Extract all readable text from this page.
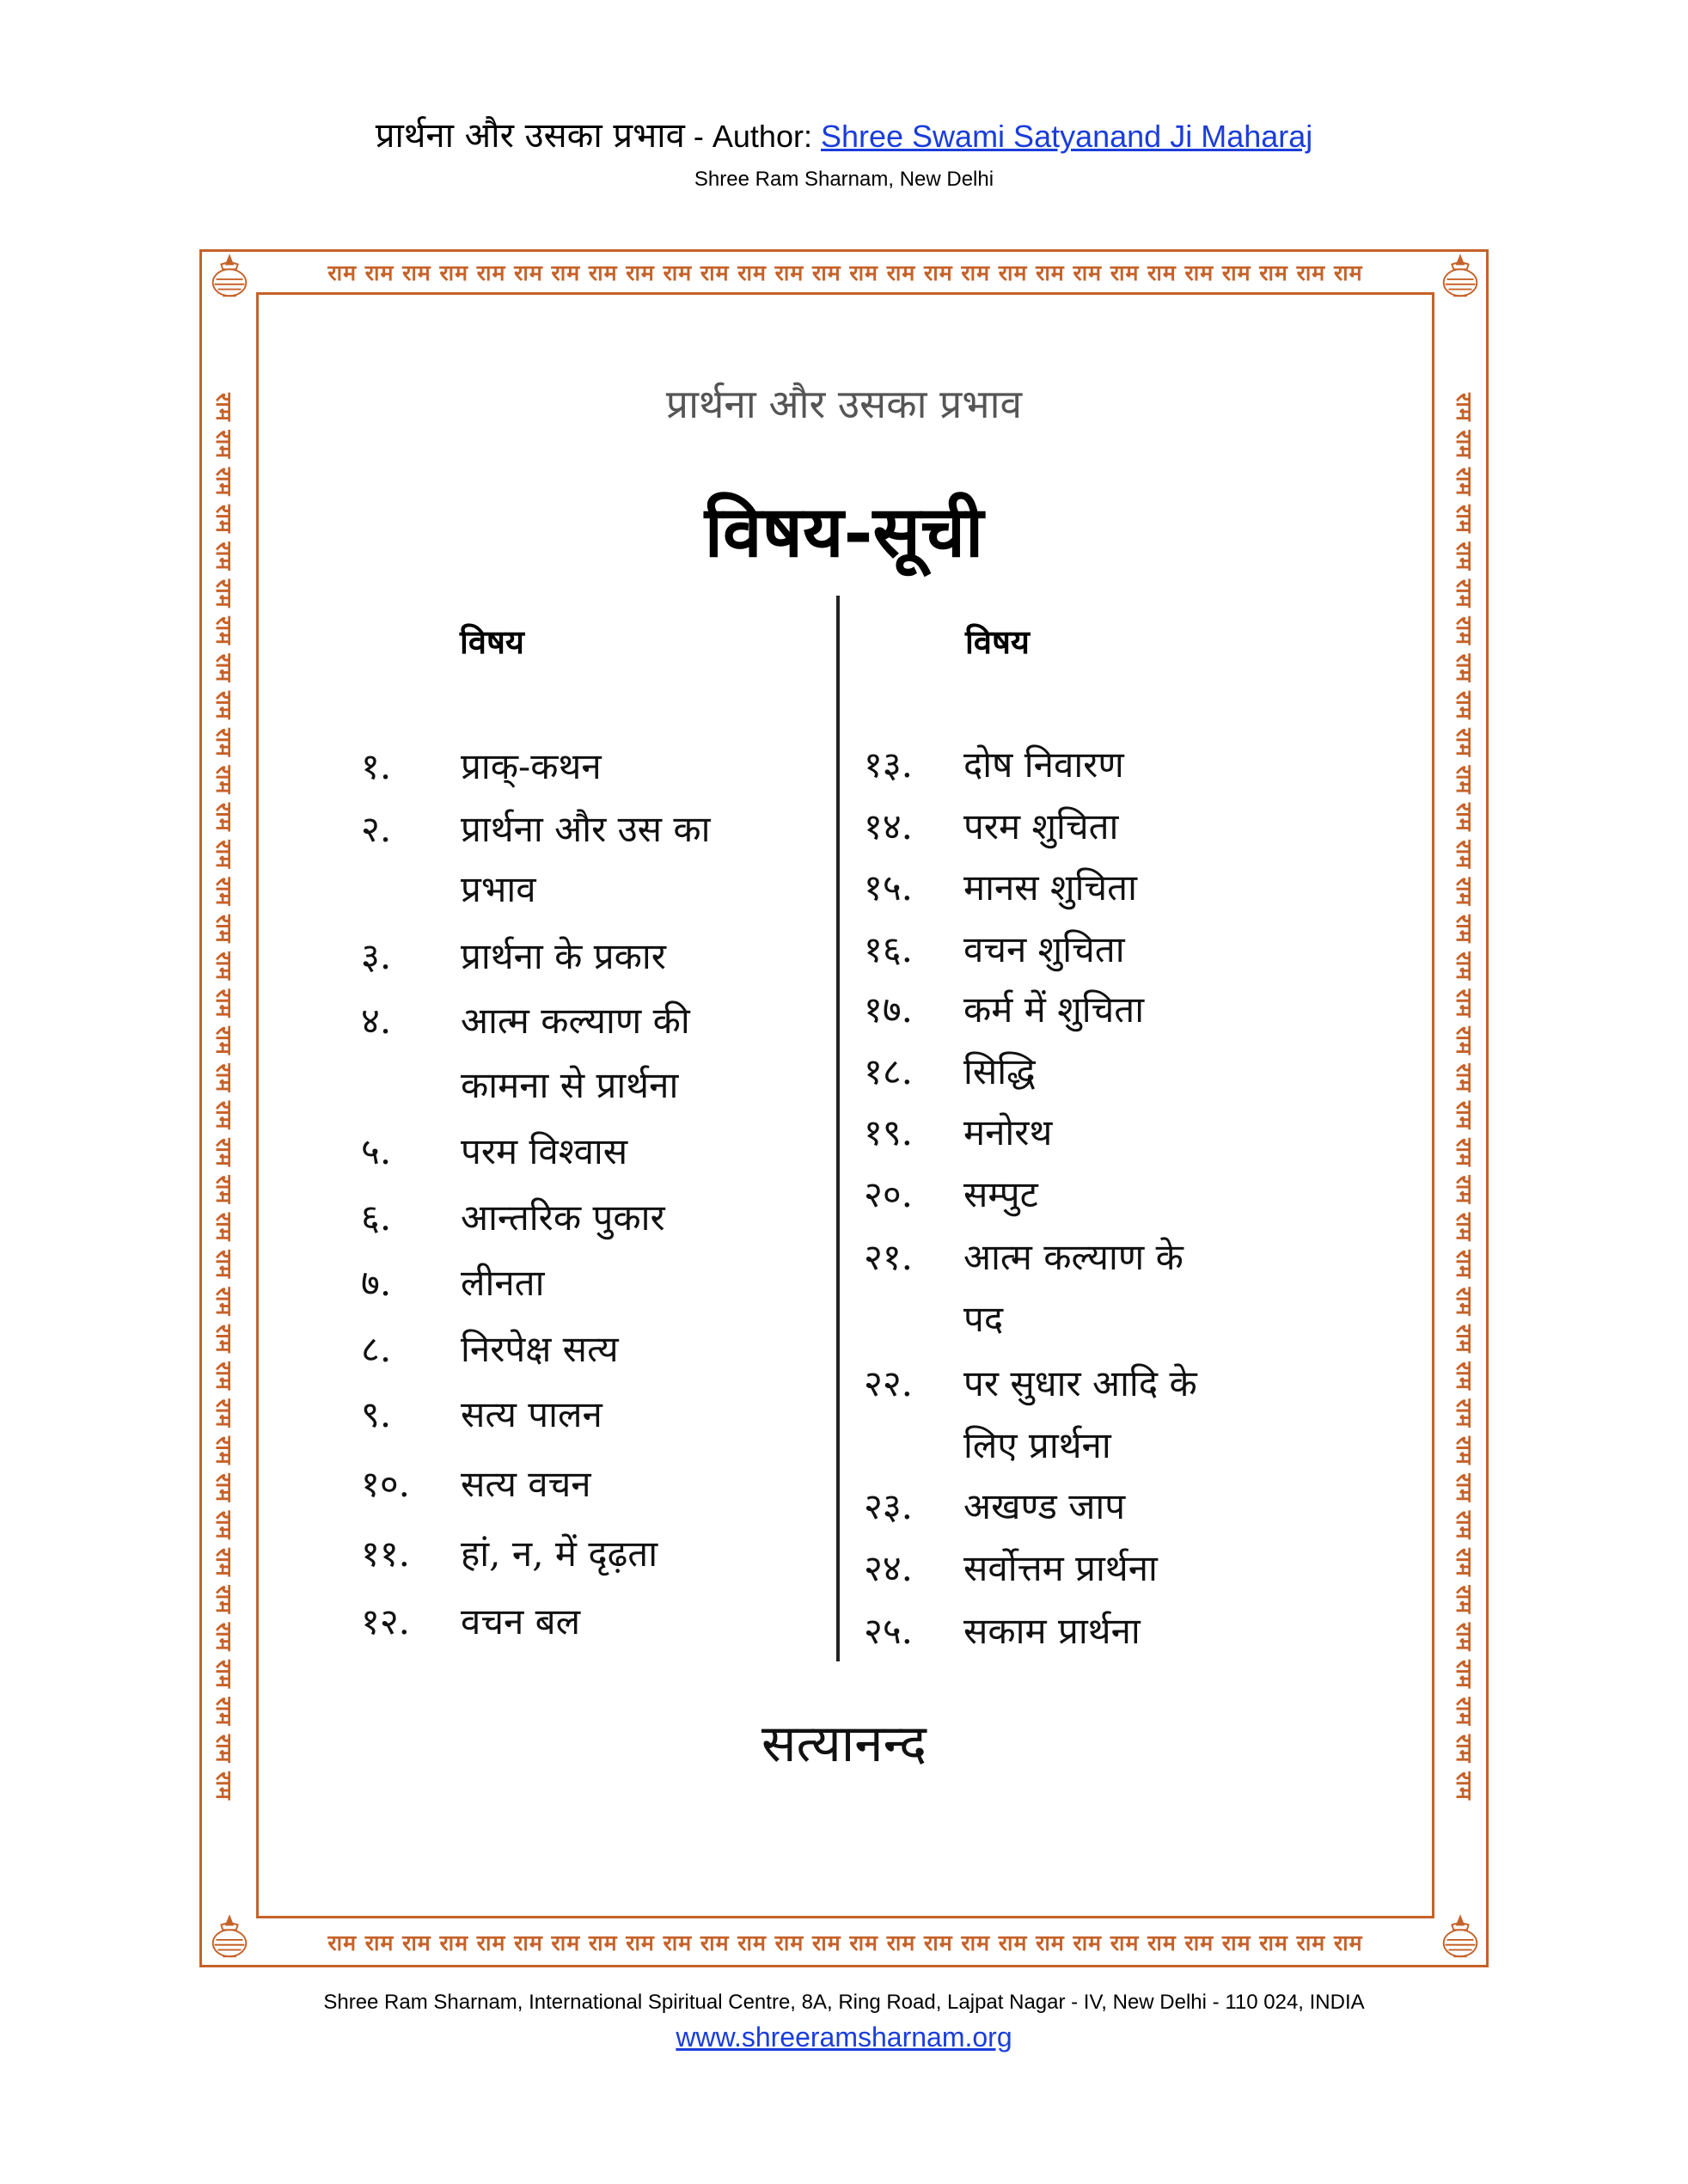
प्रार्थना और उसका प्रभाव - Author: Shree Swami Satyanand Ji Maharaj
Shree Ram Sharnam, New Delhi
राम राम राम राम राम राम राम राम राम राम राम राम राम राम राम राम राम राम राम राम राम राम राम राम राम राम राम राम
राम राम राम राम राम राम राम राम राम राम राम राम राम राम राम राम राम राम राम राम राम राम राम राम राम राम राम राम
राम राम राम राम राम राम राम राम राम राम राम राम राम राम राम राम राम राम राम राम राम राम राम राम राम राम राम राम राम राम राम राम राम राम राम राम राम राम	राम राम राम राम राम राम राम राम राम राम राम राम राम राम राम राम राम राम राम राम राम राम राम राम राम राम राम राम राम राम राम राम राम राम राम राम राम राम
प्रार्थना और उसका प्रभाव
विषय-सूची
विषय	विषय
१.	प्राक्-कथन
२.	प्रार्थना और उस का
प्रभाव
३.	प्रार्थना के प्रकार
४.	आत्म कल्याण की
कामना से प्रार्थना
५.	परम विश्वास
६.	आन्तरिक पुकार
७.	लीनता
८.	निरपेक्ष सत्य
९.	सत्य पालन
१०.	सत्य वचन
११.	हां, न, में दृढ़ता
१२.	वचन बल
१३.	दोष निवारण
१४.	परम शुचिता
१५.	मानस शुचिता
१६.	वचन शुचिता
१७.	कर्म में शुचिता
१८.	सिद्धि
१९.	मनोरथ
२०.	सम्पुट
२१.	आत्म कल्याण के
पद
२२.	पर सुधार आदि के
लिए प्रार्थना
२३.	अखण्ड जाप
२४.	सर्वोत्तम प्रार्थना
२५.	सकाम प्रार्थना
सत्यानन्द
Shree Ram Sharnam, International Spiritual Centre, 8A, Ring Road, Lajpat Nagar - IV, New Delhi - 110 024, INDIA
www.shreeramsharnam.org
